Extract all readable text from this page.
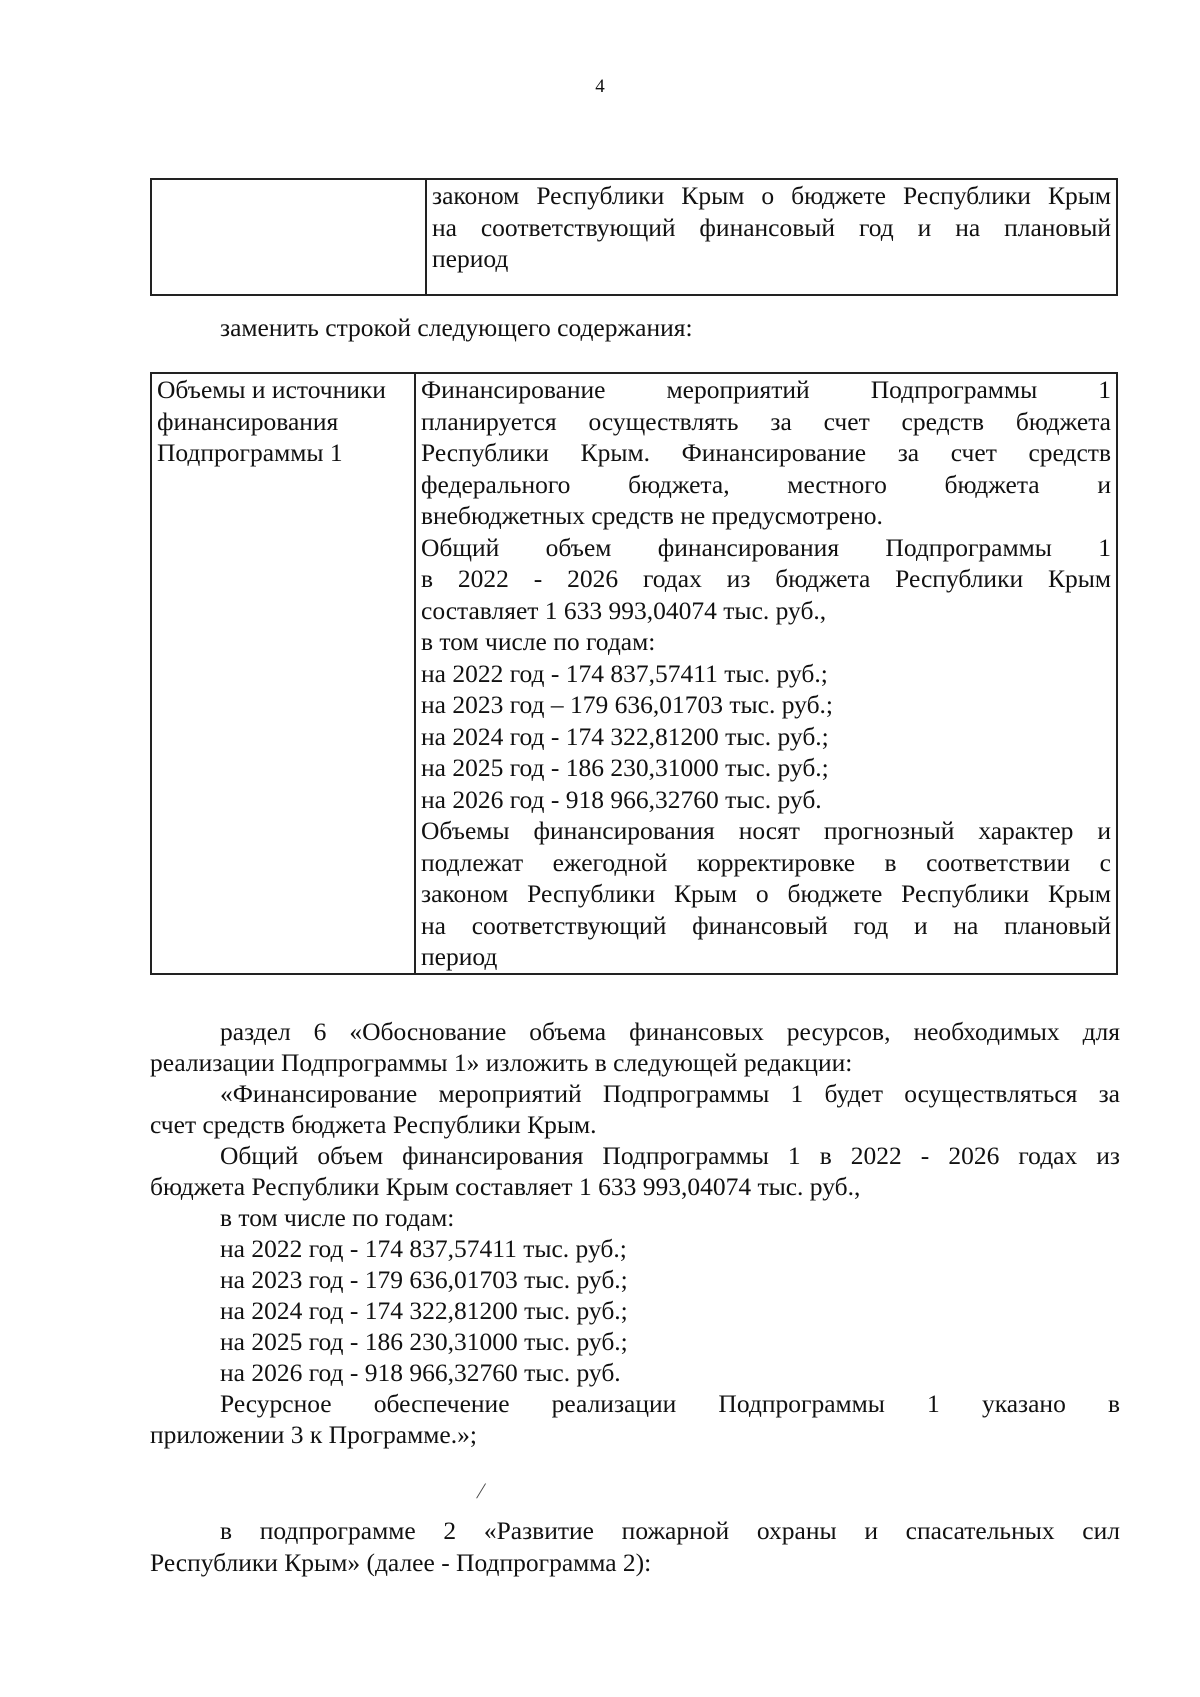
4

законом Республики Крым о бюджете Республики Крым
на соответствующий финансовый год и на плановый
период
заменить строкой следующего содержания:
Объемы и источники
финансирования
Подпрограммы 1

Финансирование мероприятий Подпрограммы 1
планируется осуществлять за счет средств бюджета
Республики Крым. Финансирование за счет средств
федерального бюджета, местного бюджета и
внебюджетных средств не предусмотрено.
Общий объем финансирования Подпрограммы 1
в 2022 - 2026 годах из бюджета Республики Крым
составляет 1 633 993,04074 тыс. руб.,
в том числе по годам:
на 2022 год - 174 837,57411 тыс. руб.;
на 2023 год – 179 636,01703 тыс. руб.;
на 2024 год - 174 322,81200 тыс. руб.;
на 2025 год - 186 230,31000 тыс. руб.;
на 2026 год - 918 966,32760 тыс. руб.
Объемы финансирования носят прогнозный характер и
подлежат ежегодной корректировке в соответствии с
законом Республики Крым о бюджете Республики Крым
на соответствующий финансовый год и на плановый
период
раздел 6 «Обоснование объема финансовых ресурсов, необходимых для
реализации Подпрограммы 1» изложить в следующей редакции:
«Финансирование мероприятий Подпрограммы 1 будет осуществляться за
счет средств бюджета Республики Крым.
Общий объем финансирования Подпрограммы 1 в 2022 - 2026 годах из
бюджета Республики Крым составляет 1 633 993,04074 тыс. руб.,
в том числе по годам:
на 2022 год - 174 837,57411 тыс. руб.;
на 2023 год - 179 636,01703 тыс. руб.;
на 2024 год - 174 322,81200 тыс. руб.;
на 2025 год - 186 230,31000 тыс. руб.;
на 2026 год - 918 966,32760 тыс. руб.
Ресурсное обеспечение реализации Подпрограммы 1 указано в
приложении 3 к Программе.»;
/
в подпрограмме 2 «Развитие пожарной охраны и спасательных сил
Республики Крым» (далее - Подпрограмма 2):
